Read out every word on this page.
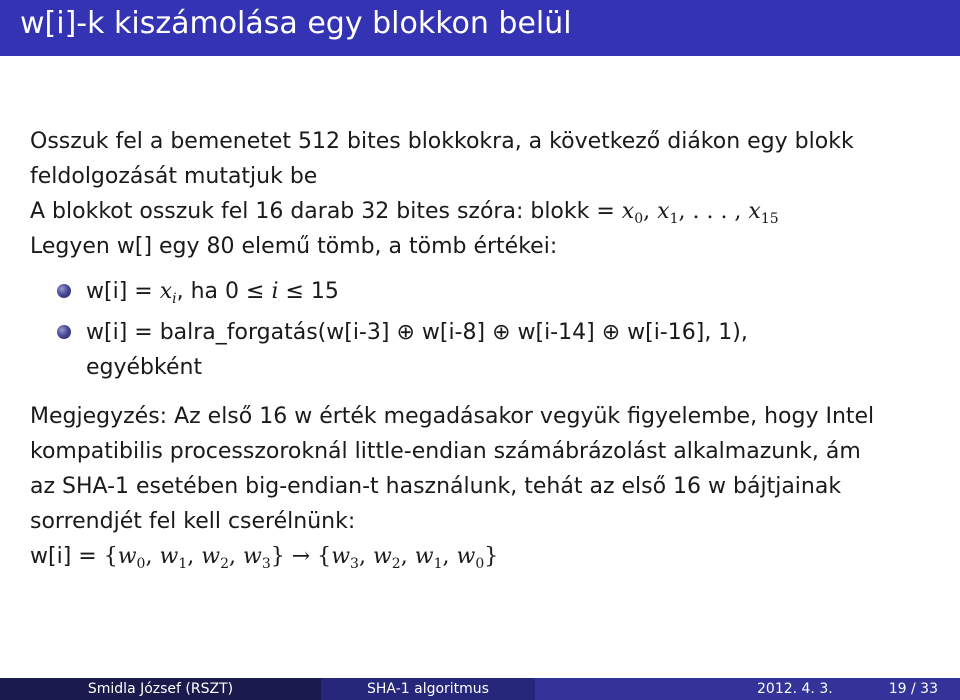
w[i]-k kiszámolása egy blokkon belül
Osszuk fel a bemenetet 512 bites blokkokra, a következő diákon egy blokk
feldolgozását mutatjuk be
A blokkot osszuk fel 16 darab 32 bites szóra: blokk = $x_0$, $x_1$, . . . , $x_{15}$
Legyen w[] egy 80 elemű tömb, a tömb értékei:
$w[i] = x_i$, ha 0 ≤ i ≤ 15
w[i] = balra_forgatás(w[i-3] ⊕ w[i-8] ⊕ w[i-14] ⊕ w[i-16], 1),
egyébként
Megjegyzés: Az első 16 w érték megadásakor vegyük figyelembe, hogy Intel
kompatibilis processzoroknál little-endian számábrázolást alkalmazunk, ám
az SHA-1 esetében big-endian-t használunk, tehát az első 16 w bájtjainak
sorrendjét fel kell cserélnünk:
$w[i] = \{w_0$, $w_1$, $w_2$, $w_3\} \to \{w_3$, $w_2$, $w_1$, $w_0$}
Smidla József (RSZT)	SHA-1 algoritmus	2012. 4. 3.	19 / 33
